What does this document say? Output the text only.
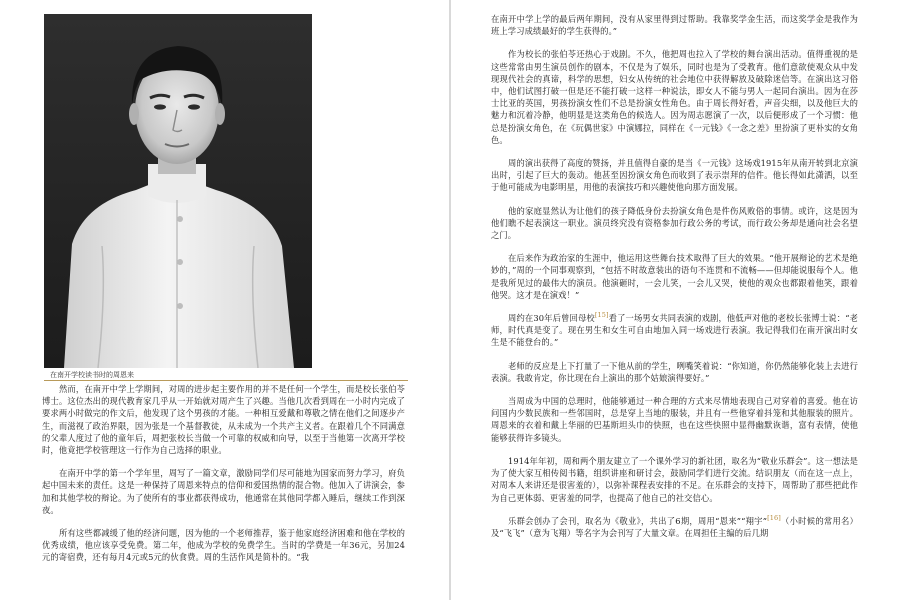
在南开学校读书时的周恩来

然而，在南开中学上学期间，对周的进步起主要作用的并不是任何一个学生，而是校长张伯苓博士。这位杰出的现代教育家几乎从一开始就对周产生了兴趣。当他几次看到周在一小时内完成了要求两小时做完的作文后，他发现了这个男孩的才能。一种相互爱戴和尊敬之情在他们之间逐步产生，而滋视了政治界限，因为张是一个基督教徒，从未成为一个共产主义者。在跟着几个不同满意的父辈人度过了他的童年后，周把张校长当做一个可靠的权威和向导，以至于当他第一次离开学校时，他竟把学校管理这一行作为自己选择的职业。

在南开中学的第一个学年里，周写了一篇文章，激励同学们尽可能地为国家而努力学习，府负起中国未来的责任。这是一种保持了周恩来特点的信仰和爱国热情的混合物。他加入了讲演会，参加和其他学校的辩论。为了使所有的事业都获得成功，他通常在其他同学都入睡后，继续工作到深夜。

所有这些都减缓了他的经济问题，因为他的一个老师推荐，鉴于他家庭经济困难和他在学校的优秀成绩，他应该享受免费。第二年，他成为学校的免费学生。当时的学费是一年36元，另加24元的寄宿费，还有每月4元或5元的伙食费。周的生活作风是简朴的。“我

在南开中学上学的最后两年期间，没有从家里得到过帮助。我靠奖学金生活，而这奖学金是我作为班上学习成绩最好的学生获得的。”

作为校长的张伯苓还热心于戏剧。不久，他把周也拉入了学校的舞台演出活动。值得重视的是这些常常由男生演员创作的剧本，不仅是为了娱乐，同时也是为了受教育。他们意欲使观众从中发现现代社会的真谛，科学的思想，妇女从传统的社会地位中获得解放及破除迷信等。在演出这习俗中，他们试图打破一但是还不能打破一这样一种说法，即女人不能与男人一起同台演出。因为在莎士比亚的英国，男孩扮演女性们不总是扮演女性角色。由于周长得好看，声音尖细，以及他巨大的魅力和沉着冷静，他明显是这类角色的候选人。因为周志愿演了一次，以后便形成了一个习惯：他总是扮演女角色，在《玩偶世家》中演娜拉，同样在《一元钱》《一念之差》里扮演了更朴实的女角色。

周的演出获得了高度的赞扬，并且值得自豪的是当《一元钱》这场戏1915年从南开转到北京演出时，引起了巨大的轰动。他甚至因扮演女角色而收到了表示崇拜的信件。他长得如此潇洒，以至于他可能成为电影明星，用他的表演技巧和兴趣使他向那方面发展。

他的家庭显然认为让他们的孩子降低身份去扮演女角色是件伤风败俗的事情。或许，这是因为他们瞧不起表演这一职业。演员终究没有资格参加行政公务的考试，而行政公务却是通向社会名望之门。

在后来作为政治家的生涯中，他运用这些舞台技术取得了巨大的效果。“他开展辩论的艺术是绝妙的，”周的一个同事观察到，“包括不时故意装出的语句不连贯和不流畅——但却能说服每个人。他是我所见过的最伟大的演员。他演砸时，一会儿笑，一会儿又哭，使他的观众也都跟着他笑，跟着他哭。这才是在演戏！”

周约在30年后曾回母校[15]看了一场男女共同表演的戏剧，他低声对他的老校长张博士说：“老师，时代真是变了。现在男生和女生可自由地加入同一场戏进行表演。我记得我们在南开演出时女生是不能登台的。”

老师的反应是上下打量了一下他从前的学生，咧嘴笑着说：“你知道，你仍然能够化装上去进行表演。我敢肯定，你比现在台上演出的那个姑娘演得要好。”

当周成为中国的总理时，他能够通过一种合理的方式来尽情地表现自己对穿着的喜爱。他在访问国内少数民族和一些邻国时，总是穿上当地的服装，并且有一些他穿着抖笼和其他服装的照片。周恩来的衣着和戴上华丽的巴基斯坦头巾的快照，也在这些快照中显得幽默诙谐，富有表情，使他能够获得许多镜头。

1914年年初，周和两个朋友建立了一个课外学习的新社团，取名为“敬业乐群会”。这一想法是为了使大家互相传阅书籍，组织讲座和研讨会，鼓励同学们进行交流。结识朋友（而在这一点上，对周本人来讲还是很害羞的），以弥补课程表安排的不足。在乐群会的支持下，周帮助了那些把此作为自己更体弱、更害羞的同学，也提高了他自己的社交信心。

乐群会创办了会刊，取名为《敬业》，共出了6期，周用“恩来”“翔宇”[16]（小时候的常用名）及“飞飞”（意为飞翔）等名字为会刊写了大量文章。在周担任主编的后几期
